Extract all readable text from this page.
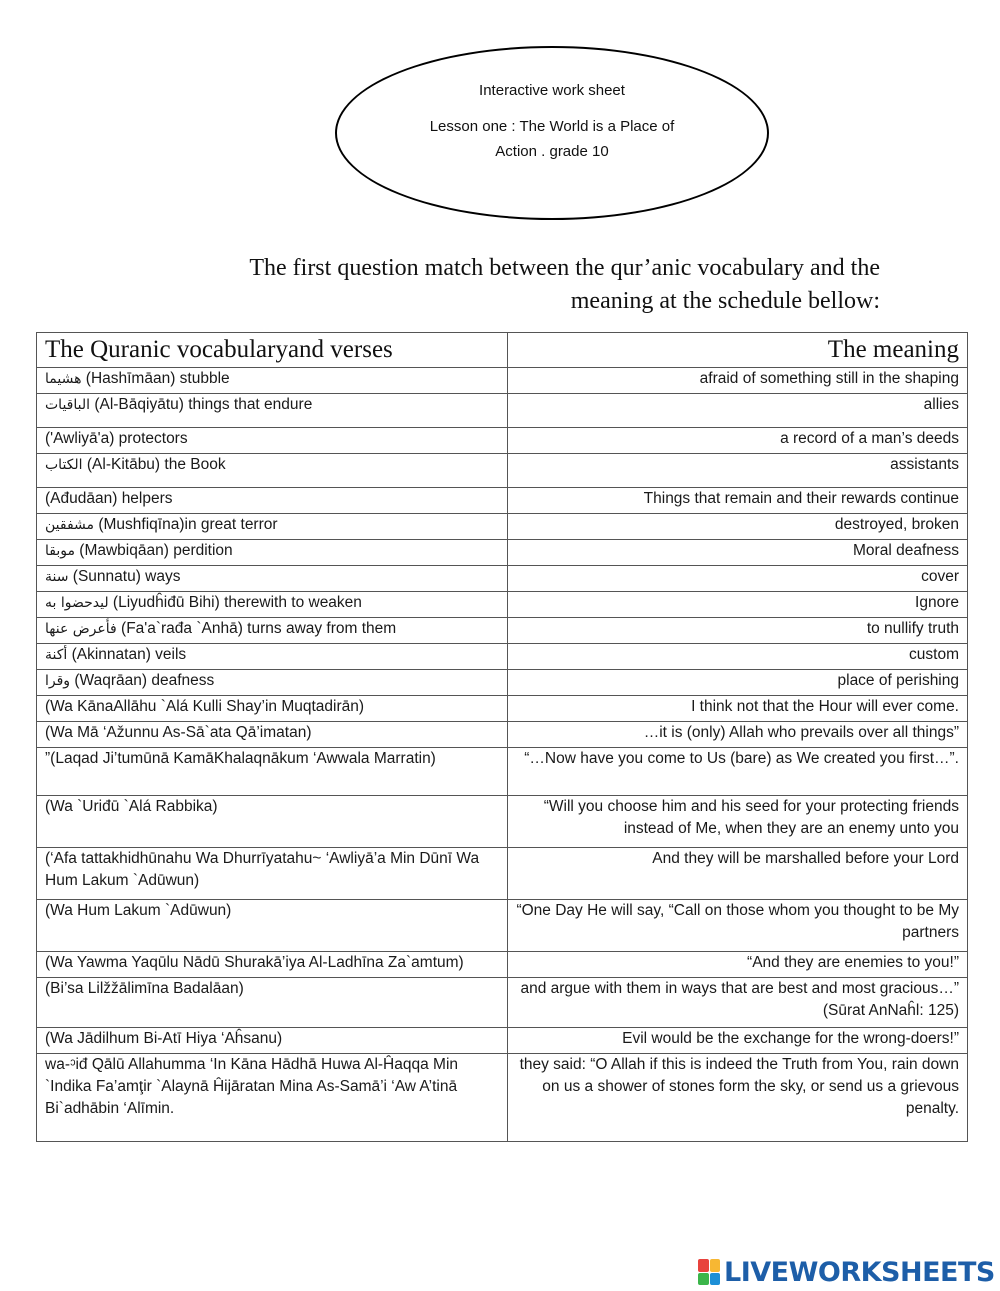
Interactive work sheet
Lesson one : The World is a Place of
Action . grade 10
The first question match between the qur’anic vocabulary and the
meaning at the schedule bellow:
The Quranic vocabularyand verses	The meaning
هشيما (Hashīmāan) stubble	afraid of something still in the shaping
الباقيات (Al-Bāqiyātu) things that endure	allies
('Awliyā'a) protectors	a record of a man’s deeds
الكتاب (Al-Kitābu) the Book	assistants
(Ađudāan) helpers	Things that remain and their rewards continue
مشفقين (Mushfiqīna)in great terror	destroyed, broken
موبقا (Mawbiqāan) perdition	Moral deafness
سنة (Sunnatu) ways	cover
ليدحضوا به (Liyudĥiđū Bihi) therewith to weaken	Ignore
فأعرض عنها (Fa'a`rađa `Anhā) turns away from them	to nullify truth
أكنة (Akinnatan) veils	custom
وقرا (Waqrāan) deafness	place of perishing
(Wa KānaAllāhu `Alá Kulli Shay’in Muqtadirān)	I think not that the Hour will ever come.
(Wa Mā ‘Ažunnu As-Sā`ata Qā’imatan)	…it is (only) Allah who prevails over all things”
”(Laqad Ji’tumūnā KamāKhalaqnākum ‘Awwala Marratin)	“…Now have you come to Us (bare) as We created you first…”.
(Wa `Uriđū `Alá Rabbika)	“Will you choose him and his seed for your protecting friends instead of Me, when they are an enemy unto you
(‘Afa tattakhidhūnahu Wa Dhurrīyatahu~ ‘Awliyā’a Min Dūnī Wa Hum Lakum `Adūwun)	And they will be marshalled before your Lord
(Wa Hum Lakum `Adūwun)	“One Day He will say, “Call on those whom you thought to be My partners
(Wa Yawma Yaqūlu Nādū Shurakā’iya Al-Ladhīna Za`amtum)	“And they are enemies to you!”
(Bi’sa Lilžžālimīna Badalāan)	and argue with them in ways that are best and most gracious…” (Sūrat AnNaĥl: 125)
(Wa Jādilhum Bi-Atī Hiya ‘Aĥsanu)	Evil would be the exchange for the wrong-doers!”
wa-ᵓiđ Qālū Allahumma ‘In Kāna Hādhā Huwa Al-Ĥaqqa Min `Indika Fa’amţir `Alaynā Ĥijāratan Mina As-Samā’i ‘Aw A’tinā Bi`adhābin ‘Alīmin.	they said: “O Allah if this is indeed the Truth from You, rain down on us a shower of stones form the sky, or send us a grievous penalty.
LIVEWORKSHEETS
